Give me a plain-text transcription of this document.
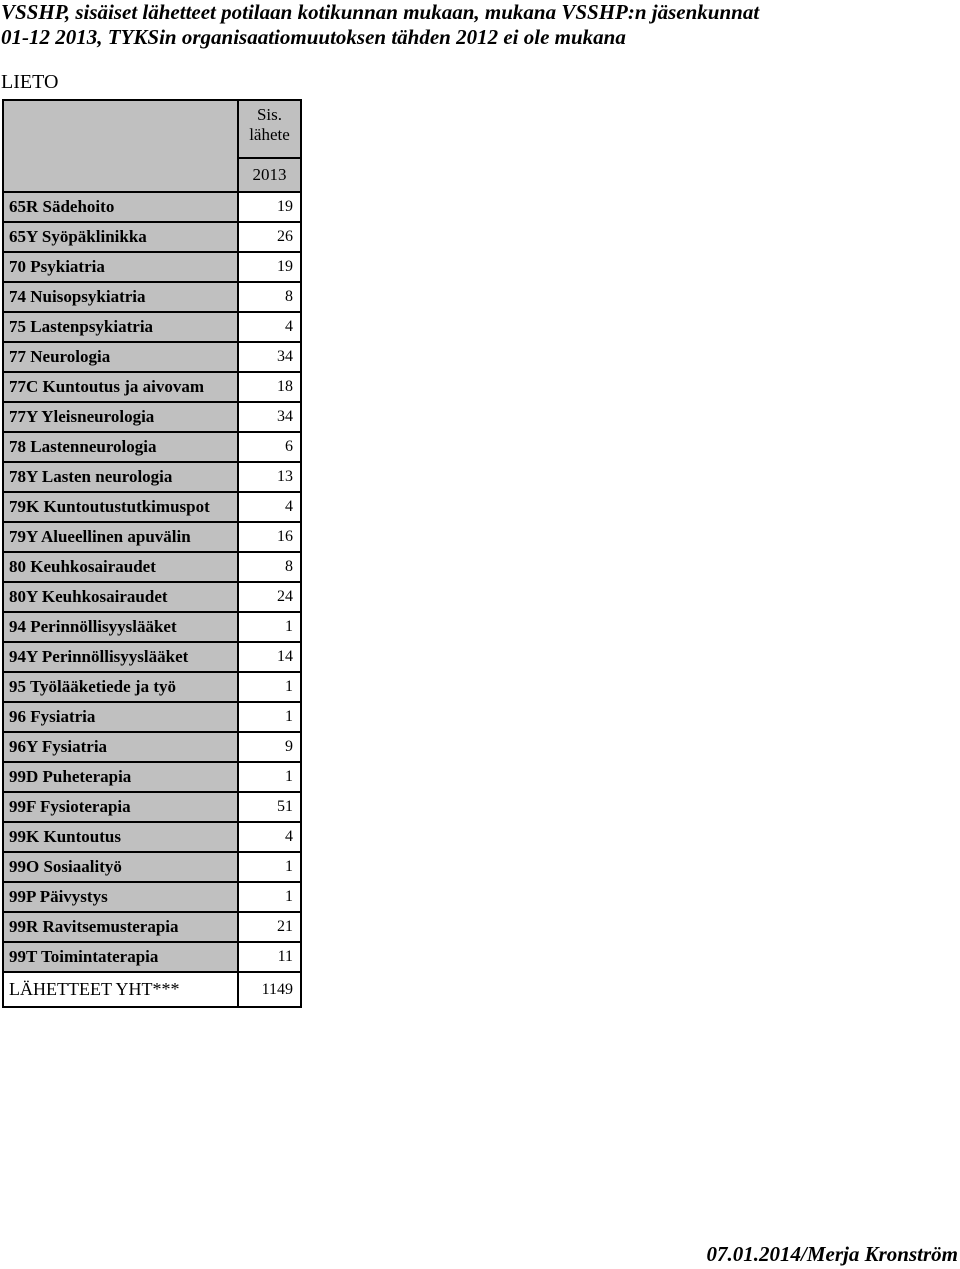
VSSHP, sisäiset lähetteet potilaan kotikunnan mukaan, mukana VSSHP:n jäsenkunnat
01-12 2013, TYKSin organisaatiomuutoksen tähden 2012 ei ole mukana
LIETO

	Sis.
lähete

	2013
65R Sädehoito	19
65Y Syöpäklinikka	26
70 Psykiatria	19
74 Nuisopsykiatria	8
75 Lastenpsykiatria	4
77 Neurologia	34
77C Kuntoutus ja aivovam	18
77Y Yleisneurologia	34
78 Lastenneurologia	6
78Y Lasten neurologia	13
79K Kuntoutustutkimuspot	4
79Y Alueellinen apuvälin	16
80 Keuhkosairaudet	8
80Y Keuhkosairaudet	24
94 Perinnöllisyyslääket	1
94Y Perinnöllisyyslääket	14
95 Työlääketiede ja työ	1
96 Fysiatria	1
96Y Fysiatria	9
99D Puheterapia	1
99F Fysioterapia	51
99K Kuntoutus	4
99O Sosiaalityö	1
99P Päivystys	1
99R Ravitsemusterapia	21
99T Toimintaterapia	11
LÄHETTEET YHT***	1149
07.01.2014/Merja Kronström
